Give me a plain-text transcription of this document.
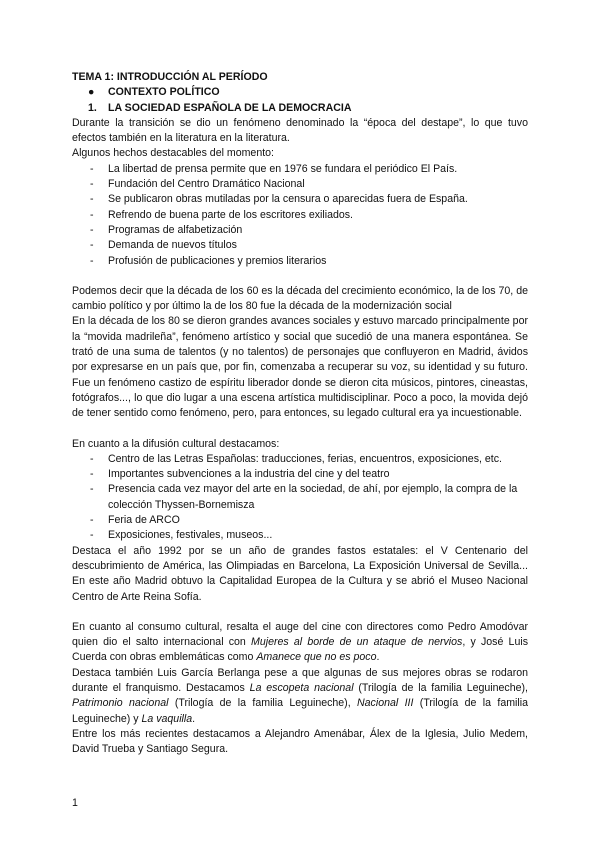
TEMA 1: INTRODUCCIÓN AL PERÍODO
● CONTEXTO POLÍTICO
1. LA SOCIEDAD ESPAÑOLA DE LA DEMOCRACIA

Durante la transición se dio un fenómeno denominado la “época del destape”, lo que tuvo efectos también en la literatura en la literatura.

Algunos hechos destacables del momento:

- La libertad de prensa permite que en 1976 se fundara el periódico El País.
- Fundación del Centro Dramático Nacional
- Se publicaron obras mutiladas por la censura o aparecidas fuera de España.
- Refrendo de buena parte de los escritores exiliados.
- Programas de alfabetización
- Demanda de nuevos títulos
- Profusión de publicaciones y premios literarios

Podemos decir que la década de los 60 es la década del crecimiento económico, la de los 70, de cambio político y por último la de los 80 fue la década de la modernización social

En la década de los 80 se dieron grandes avances sociales y estuvo marcado principalmente por la “movida madrileña”, fenómeno artístico y social que sucedió de una manera espontánea. Se trató de una suma de talentos (y no talentos) de personajes que confluyeron en Madrid, ávidos por expresarse en un país que, por fin, comenzaba a recuperar su voz, su identidad y su futuro. Fue un fenómeno castizo de espíritu liberador donde se dieron cita músicos, pintores, cineastas, fotógrafos..., lo que dio lugar a una escena artística multidisciplinar. Poco a poco, la movida dejó de tener sentido como fenómeno, pero, para entonces, su legado cultural era ya incuestionable.

En cuanto a la difusión cultural destacamos:

- Centro de las Letras Españolas: traducciones, ferias, encuentros, exposiciones, etc.
- Importantes subvenciones a la industria del cine y del teatro
- Presencia cada vez mayor del arte en la sociedad, de ahí, por ejemplo, la compra de la colección Thyssen-Bornemisza
- Feria de ARCO
- Exposiciones, festivales, museos...

Destaca el año 1992 por se un año de grandes fastos estatales: el V Centenario del descubrimiento de América, las Olimpiadas en Barcelona, La Exposición Universal de Sevilla... En este año Madrid obtuvo la Capitalidad Europea de la Cultura y se abrió el Museo Nacional Centro de Arte Reina Sofía.

En cuanto al consumo cultural, resalta el auge del cine con directores como Pedro Amodóvar quien dio el salto internacional con Mujeres al borde de un ataque de nervios, y José Luis Cuerda con obras emblemáticas como Amanece que no es poco.

Destaca también Luis García Berlanga pese a que algunas de sus mejores obras se rodaron durante el franquismo. Destacamos La escopeta nacional (Trilogía de la familia Leguineche), Patrimonio nacional (Trilogía de la familia Leguineche), Nacional III (Trilogía de la familia Leguineche) y La vaquilla.

Entre los más recientes destacamos a Alejandro Amenábar, Álex de la Iglesia, Julio Medem, David Trueba y Santiago Segura.

1
